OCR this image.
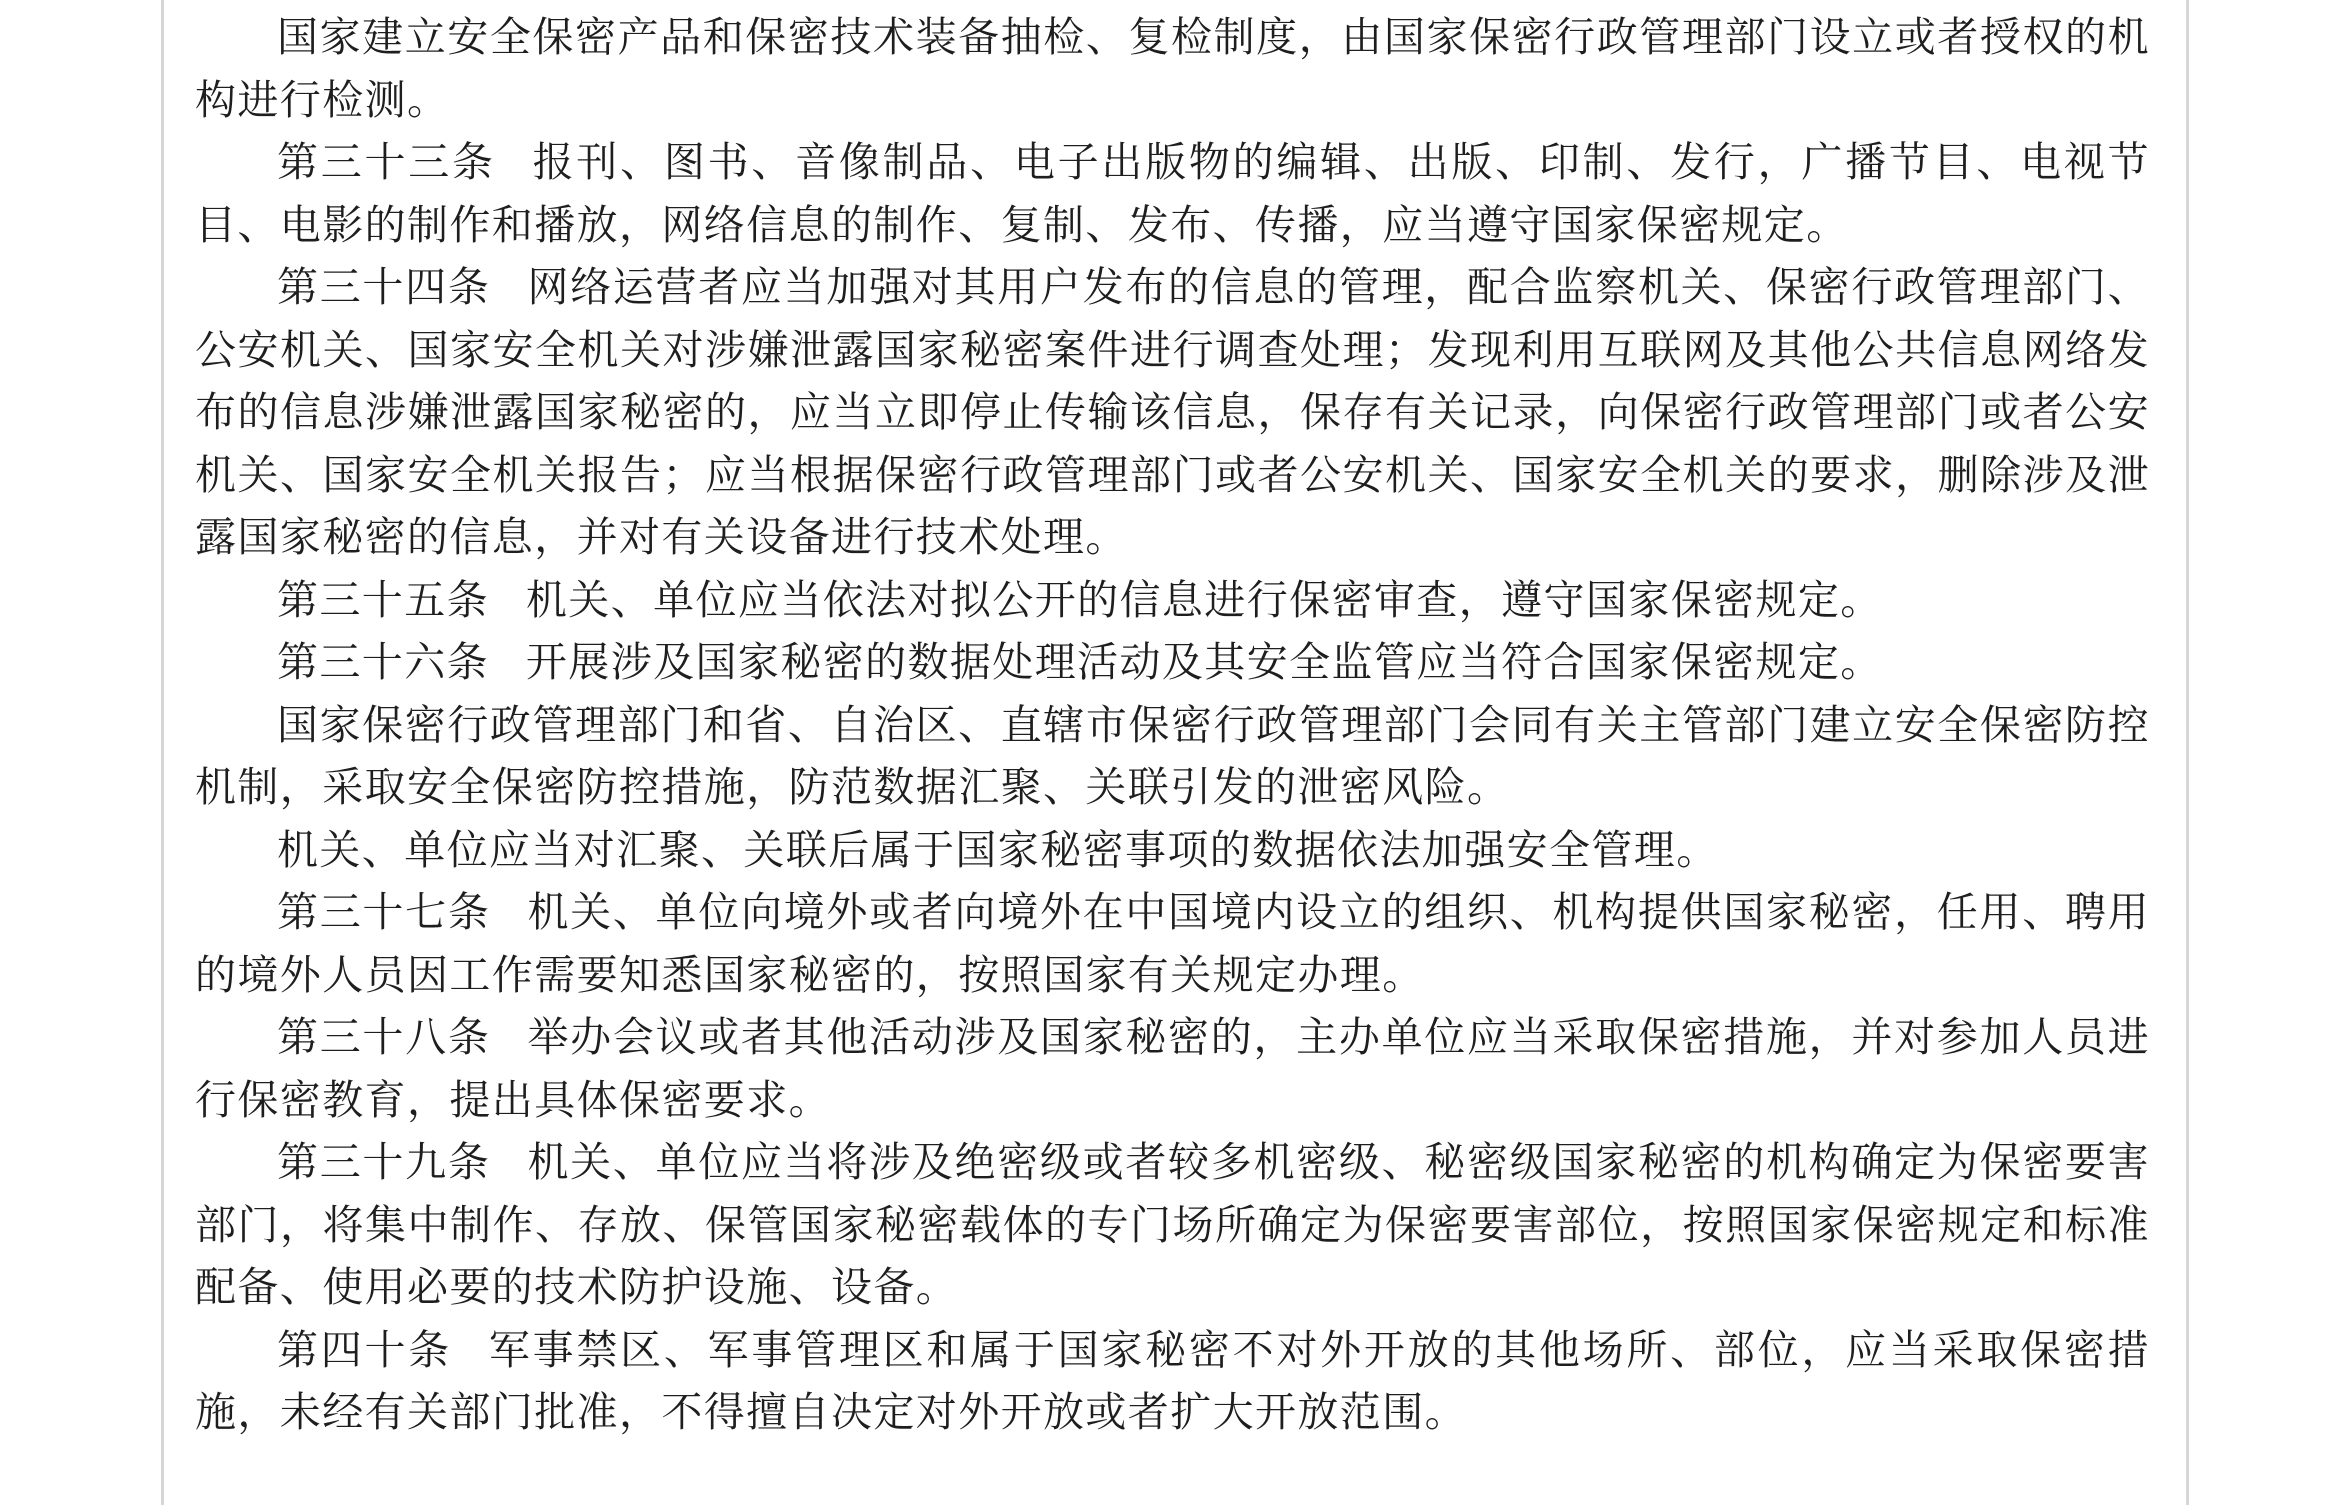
国家建立安全保密产品和保密技术装备抽检、复检制度，由国家保密行政管理部门设立或者授权的机构进行检测。

第三十三条 报刊、图书、音像制品、电子出版物的编辑、出版、印制、发行，广播节目、电视节目、电影的制作和播放，网络信息的制作、复制、发布、传播，应当遵守国家保密规定。

第三十四条 网络运营者应当加强对其用户发布的信息的管理，配合监察机关、保密行政管理部门、公安机关、国家安全机关对涉嫌泄露国家秘密案件进行调查处理；发现利用互联网及其他公共信息网络发布的信息涉嫌泄露国家秘密的，应当立即停止传输该信息，保存有关记录，向保密行政管理部门或者公安机关、国家安全机关报告；应当根据保密行政管理部门或者公安机关、国家安全机关的要求，删除涉及泄露国家秘密的信息，并对有关设备进行技术处理。

第三十五条 机关、单位应当依法对拟公开的信息进行保密审查，遵守国家保密规定。

第三十六条 开展涉及国家秘密的数据处理活动及其安全监管应当符合国家保密规定。

国家保密行政管理部门和省、自治区、直辖市保密行政管理部门会同有关主管部门建立安全保密防控机制，采取安全保密防控措施，防范数据汇聚、关联引发的泄密风险。

机关、单位应当对汇聚、关联后属于国家秘密事项的数据依法加强安全管理。

第三十七条 机关、单位向境外或者向境外在中国境内设立的组织、机构提供国家秘密，任用、聘用的境外人员因工作需要知悉国家秘密的，按照国家有关规定办理。

第三十八条 举办会议或者其他活动涉及国家秘密的，主办单位应当采取保密措施，并对参加人员进行保密教育，提出具体保密要求。

第三十九条 机关、单位应当将涉及绝密级或者较多机密级、秘密级国家秘密的机构确定为保密要害部门，将集中制作、存放、保管国家秘密载体的专门场所确定为保密要害部位，按照国家保密规定和标准配备、使用必要的技术防护设施、设备。

第四十条 军事禁区、军事管理区和属于国家秘密不对外开放的其他场所、部位，应当采取保密措施，未经有关部门批准，不得擅自决定对外开放或者扩大开放范围。
